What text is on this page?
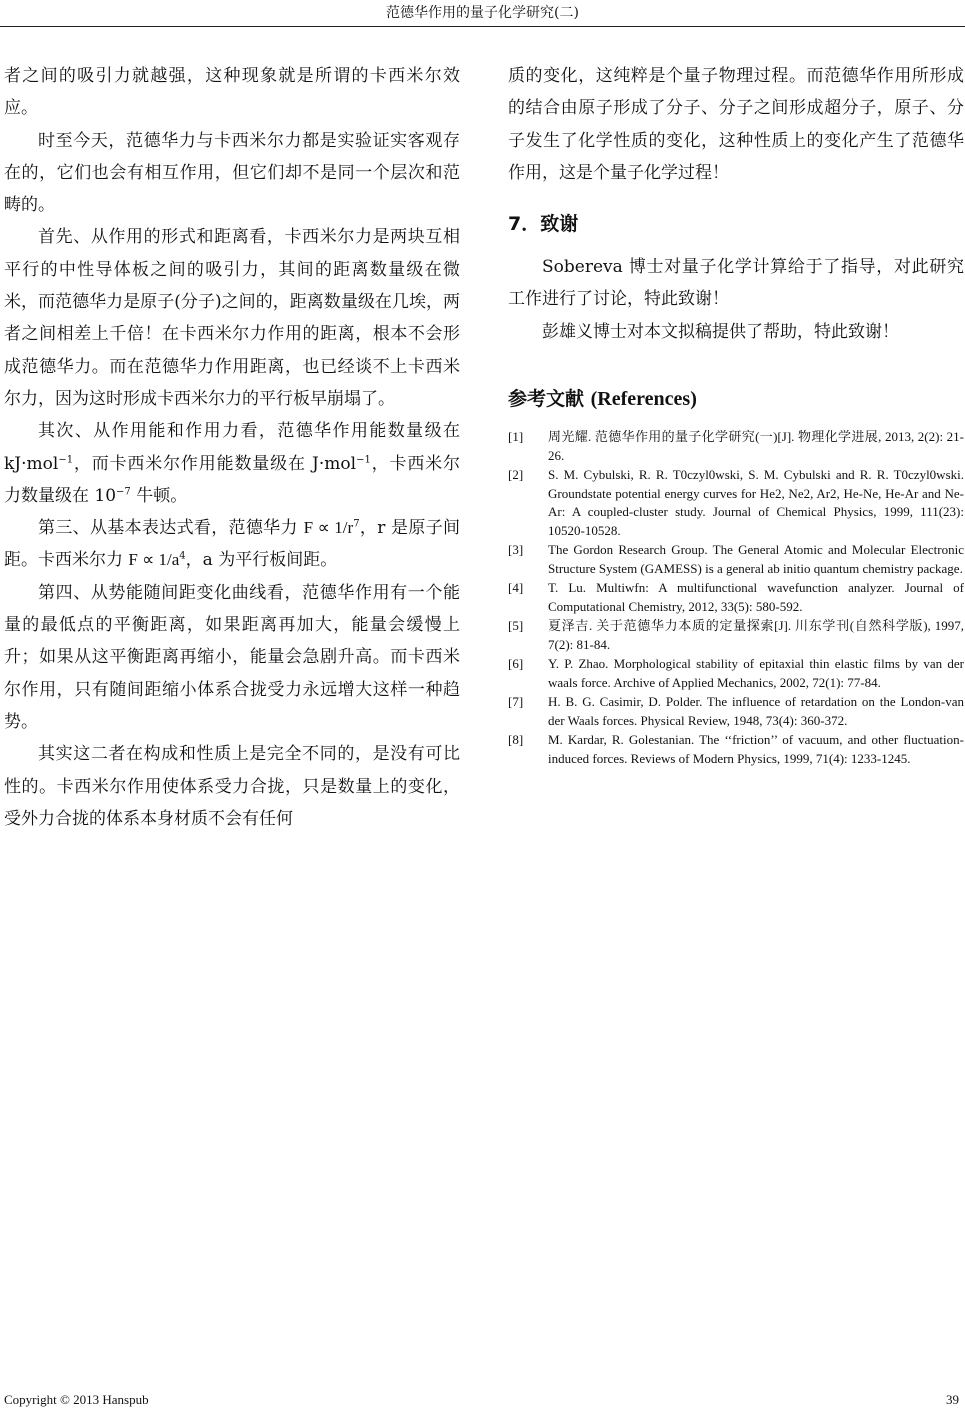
范德华作用的量子化学研究(二)

者之间的吸引力就越强，这种现象就是所谓的卡西米尔效应。

时至今天，范德华力与卡西米尔力都是实验证实客观存在的，它们也会有相互作用，但它们却不是同一个层次和范畴的。

首先、从作用的形式和距离看，卡西米尔力是两块互相平行的中性导体板之间的吸引力，其间的距离数量级在微米，而范德华力是原子(分子)之间的，距离数量级在几埃，两者之间相差上千倍！在卡西米尔力作用的距离，根本不会形成范德华力。而在范德华力作用距离，也已经谈不上卡西米尔力，因为这时形成卡西米尔力的平行板早崩塌了。

其次、从作用能和作用力看，范德华作用能数量级在 kJ·mol$^{-1}$，而卡西米尔作用能数量级在 J·mol$^{-1}$，卡西米尔力数量级在 $10^{-7}$ 牛顿。

第三、从基本表达式看，范德华力 $F \propto 1/r^7$，r 是原子间距。卡西米尔力 $F \propto 1/a^4$，a 为平行板间距。

第四、从势能随间距变化曲线看，范德华作用有一个能量的最低点的平衡距离，如果距离再加大，能量会缓慢上升；如果从这平衡距离再缩小，能量会急剧升高。而卡西米尔作用，只有随间距缩小体系合拢受力永远增大这样一种趋势。

其实这二者在构成和性质上是完全不同的，是没有可比性的。卡西米尔作用使体系受力合拢，只是数量上的变化，受外力合拢的体系本身材质不会有任何

质的变化，这纯粹是个量子物理过程。而范德华作用所形成的结合由原子形成了分子、分子之间形成超分子，原子、分子发生了化学性质的变化，这种性质上的变化产生了范德华作用，这是个量子化学过程！

7．致谢

Sobereva 博士对量子化学计算给于了指导，对此研究工作进行了讨论，特此致谢！

彭雄义博士对本文拟稿提供了帮助，特此致谢！

参考文献 (References)
[1]	周光耀. 范德华作用的量子化学研究(一)[J]. 物理化学进展, 2013, 2(2): 21-26.
[2]	S. M. Cybulski, R. R. T0czyl0wski, S. M. Cybulski and R. R. T0czyl0wski. Groundstate potential energy curves for He2, Ne2, Ar2, He-Ne, He-Ar and Ne-Ar: A coupled-cluster study. Journal of Chemical Physics, 1999, 111(23): 10520-10528.
[3]	The Gordon Research Group. The General Atomic and Molecular Electronic Structure System (GAMESS) is a general ab initio quantum chemistry package.
[4]	T. Lu. Multiwfn: A multifunctional wavefunction analyzer. Journal of Computational Chemistry, 2012, 33(5): 580-592.
[5]	夏泽吉. 关于范德华力本质的定量探索[J]. 川东学刊(自然科学版), 1997, 7(2): 81-84.
[6]	Y. P. Zhao. Morphological stability of epitaxial thin elastic films by van der waals force. Archive of Applied Mechanics, 2002, 72(1): 77-84.
[7]	H. B. G. Casimir, D. Polder. The influence of retardation on the London-van der Waals forces. Physical Review, 1948, 73(4): 360-372.
[8]	M. Kardar, R. Golestanian. The ‘‘friction’’ of vacuum, and other fluctuation-induced forces. Reviews of Modern Physics, 1999, 71(4): 1233-1245.
Copyright © 2013 Hanspub	39
